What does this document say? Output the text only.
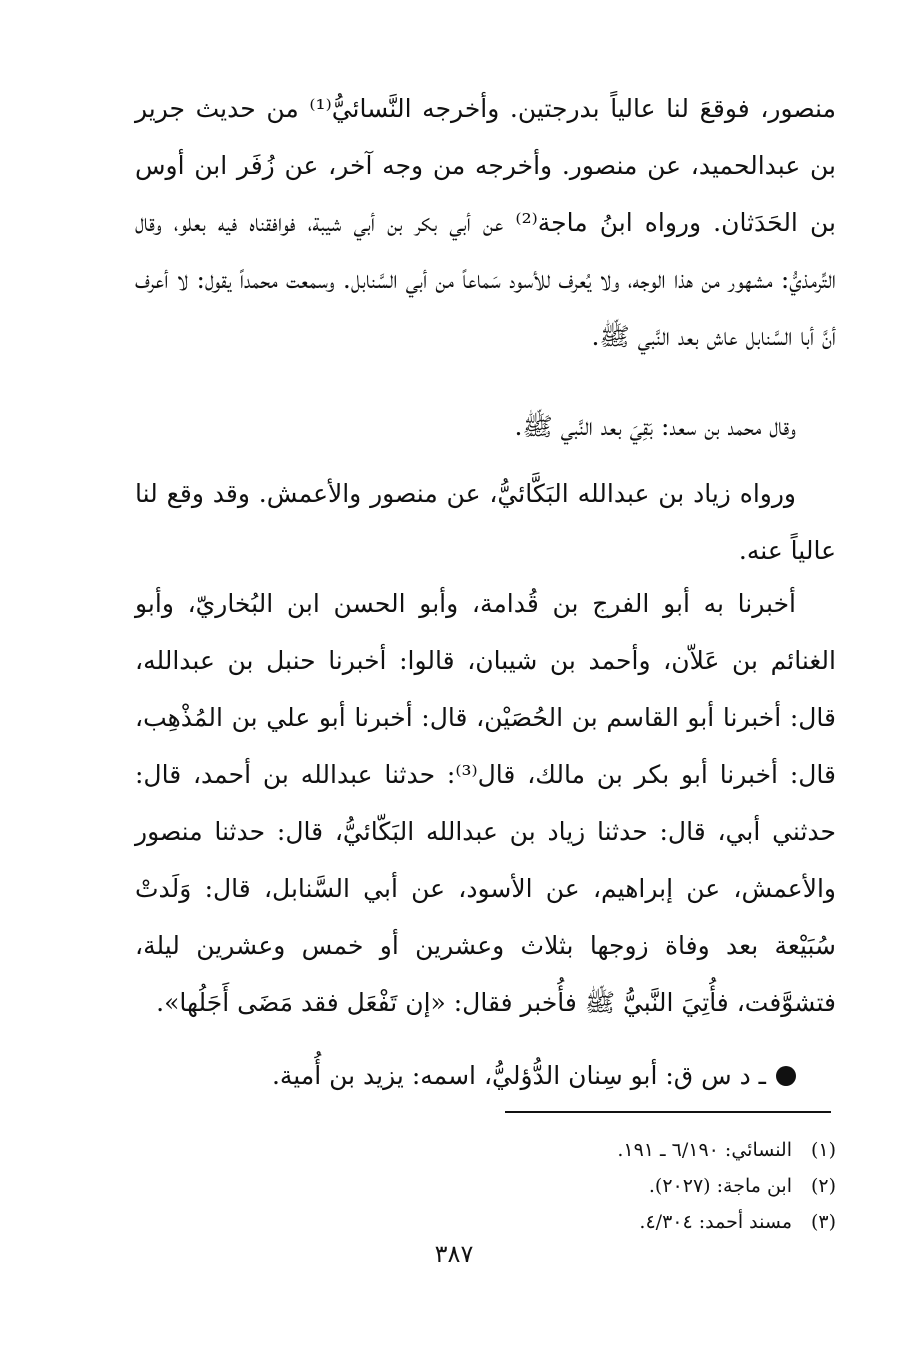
منصور، فوقعَ لنا عالياً بدرجتين. وأخرجه النَّسائيُّ⁽¹⁾ من حديث جرير بن عبدالحميد، عن منصور. وأخرجه من وجه آخر، عن زُفَر ابن أوس بن الحَدَثان. ورواه ابنُ ماجة⁽²⁾ عن أبي بكر بن أبي شيبة، فوافقناه فيه بعلو، وقال التِّرمذيُّ: مشهور من هذا الوجه، ولا يُعرف للأسود سَماعاً من أبي السَّنابل. وسمعت محمداً يقول: لا أعرف أنَّ أبا السَّنابل عاش بعد النَّبي ﷺ.

وقال محمد بن سعد: بَقِيَ بعد النَّبي ﷺ.

ورواه زياد بن عبدالله البَكَّائيُّ، عن منصور والأعمش. وقد وقع لنا عالياً عنه.

أخبرنا به أبو الفرج بن قُدامة، وأبو الحسن ابن البُخاريّ، وأبو الغنائم بن عَلاّن، وأحمد بن شيبان، قالوا: أخبرنا حنبل بن عبدالله، قال: أخبرنا أبو القاسم بن الحُصَيْن، قال: أخبرنا أبو علي بن المُذْهِب، قال: أخبرنا أبو بكر بن مالك، قال⁽³⁾: حدثنا عبدالله بن أحمد، قال: حدثني أبي، قال: حدثنا زياد بن عبدالله البَكّائيُّ، قال: حدثنا منصور والأعمش، عن إبراهيم، عن الأسود، عن أبي السَّنابل، قال: وَلَدتْ سُبَيْعة بعد وفاة زوجها بثلاث وعشرين أو خمس وعشرين ليلة، فتشوَّفت، فأُتِيَ النَّبيُّ ﷺ فأُخبر فقال: «إن تَفْعَل فقد مَضَى أَجَلُها».

ـ د س ق: أبو سِنان الدُّؤليُّ، اسمه: يزيد بن أُمية.
(١)النسائي: ٦/١٩٠ ـ ١٩١.
(٢)ابن ماجة: (٢٠٢٧).
(٣)مسند أحمد: ٤/٣٠٤.
٣٨٧
